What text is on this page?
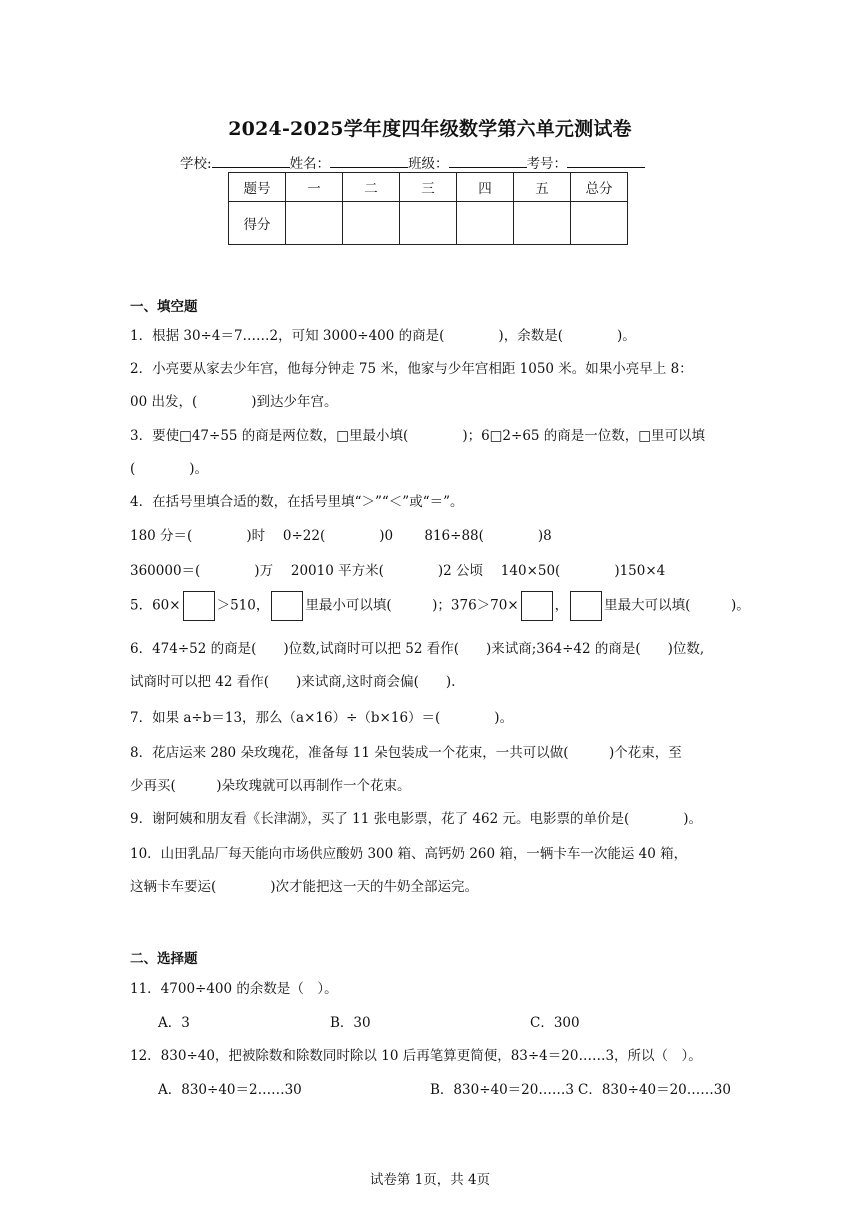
2024-2025学年度四年级数学第六单元测试卷
学校:	姓名：	班级：	考号：
题号	一	二	三	四	五	总分
得分						
一、填空题
1．根据 30÷4＝7……2，可知 3000÷400 的商是(　　　　)，余数是(　　　　)。
2．小亮要从家去少年宫，他每分钟走 75 米，他家与少年宫相距 1050 米。如果小亮早上 8：
00 出发，(　　　　)到达少年宫。
3．要使□47÷55 的商是两位数，□里最小填(　　　　)；6□2÷65 的商是一位数，□里可以填
(　　　　)。
4．在括号里填合适的数，在括号里填“＞”“＜”或“＝”。
180 分＝(　　　　)时　 0÷22(　　　　)0　　 816÷88(　　　　)8
360000＝(　　　　)万　 20010 平方米(　　　　)2 公顷　 140×50(　　　　)150×4
5．60×	＞510，	里最小可以填(　　　)；376＞70×	，	里最大可以填(　　　)。
6．474÷52 的商是(　　)位数,试商时可以把 52 看作(　　)来试商;364÷42 的商是(　　)位数,
试商时可以把 42 看作(　　)来试商,这时商会偏(　　).
7．如果 a÷b＝13，那么（a×16）÷（b×16）＝(　　　　)。
8．花店运来 280 朵玫瑰花，准备每 11 朵包装成一个花束，一共可以做(　　　)个花束，至
少再买(　　　)朵玫瑰就可以再制作一个花束。
9．谢阿姨和朋友看《长津湖》，买了 11 张电影票，花了 462 元。电影票的单价是(　　　　)。
10．山田乳品厂每天能向市场供应酸奶 300 箱、高钙奶 260 箱，一辆卡车一次能运 40 箱，
这辆卡车要运(　　　　)次才能把这一天的牛奶全部运完。
二、选择题
11．4700÷400 的余数是（　）。
A．3	B．30	C．300
12．830÷40，把被除数和除数同时除以 10 后再笔算更简便，83÷4＝20……3，所以（　）。
A．830÷40＝2……30	B．830÷40＝20……3 C．830÷40＝20……30
试卷第 1页，共 4页
